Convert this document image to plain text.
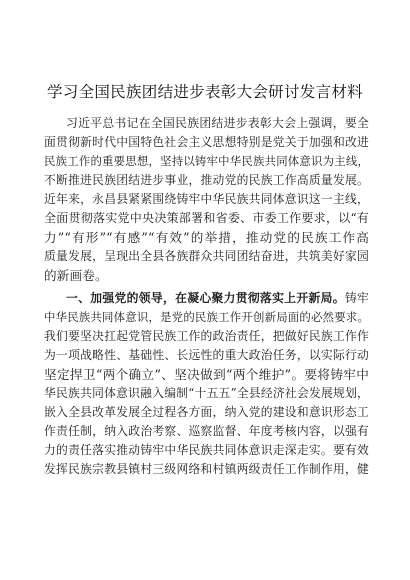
学习全国民族团结进步表彰大会研讨发言材料
习近平总书记在全国民族团结进步表彰大会上强调，要全
面贯彻新时代中国特色社会主义思想特别是党关于加强和改进
民族工作的重要思想，坚持以铸牢中华民族共同体意识为主线，
不断推进民族团结进步事业，推动党的民族工作高质量发展。
近年来，永昌县紧紧围绕铸牢中华民族共同体意识这一主线，
全面贯彻落实党中央决策部署和省委、市委工作要求，以“有
力”“有形”“有感”“有效”的举措，推动党的民族工作高
质量发展，呈现出全县各族群众共同团结奋进，共筑美好家园
的新画卷。
一、加强党的领导，在凝心聚力贯彻落实上开新局。铸牢
中华民族共同体意识，是党的民族工作开创新局面的必然要求。
我们要坚决扛起党管民族工作的政治责任，把做好民族工作作
为一项战略性、基础性、长远性的重大政治任务，以实际行动
坚定捍卫“两个确立”、坚决做到“两个维护”。要将铸牢中
华民族共同体意识融入编制“十五五”全县经济社会发展规划，
嵌入全县改革发展全过程各方面，纳入党的建设和意识形态工
作责任制，纳入政治考察、巡察监督、年度考核内容，以强有
力的责任落实推动铸牢中华民族共同体意识走深走实。要有效
发挥民族宗教县镇村三级网络和村镇两级责任工作制作用，健
